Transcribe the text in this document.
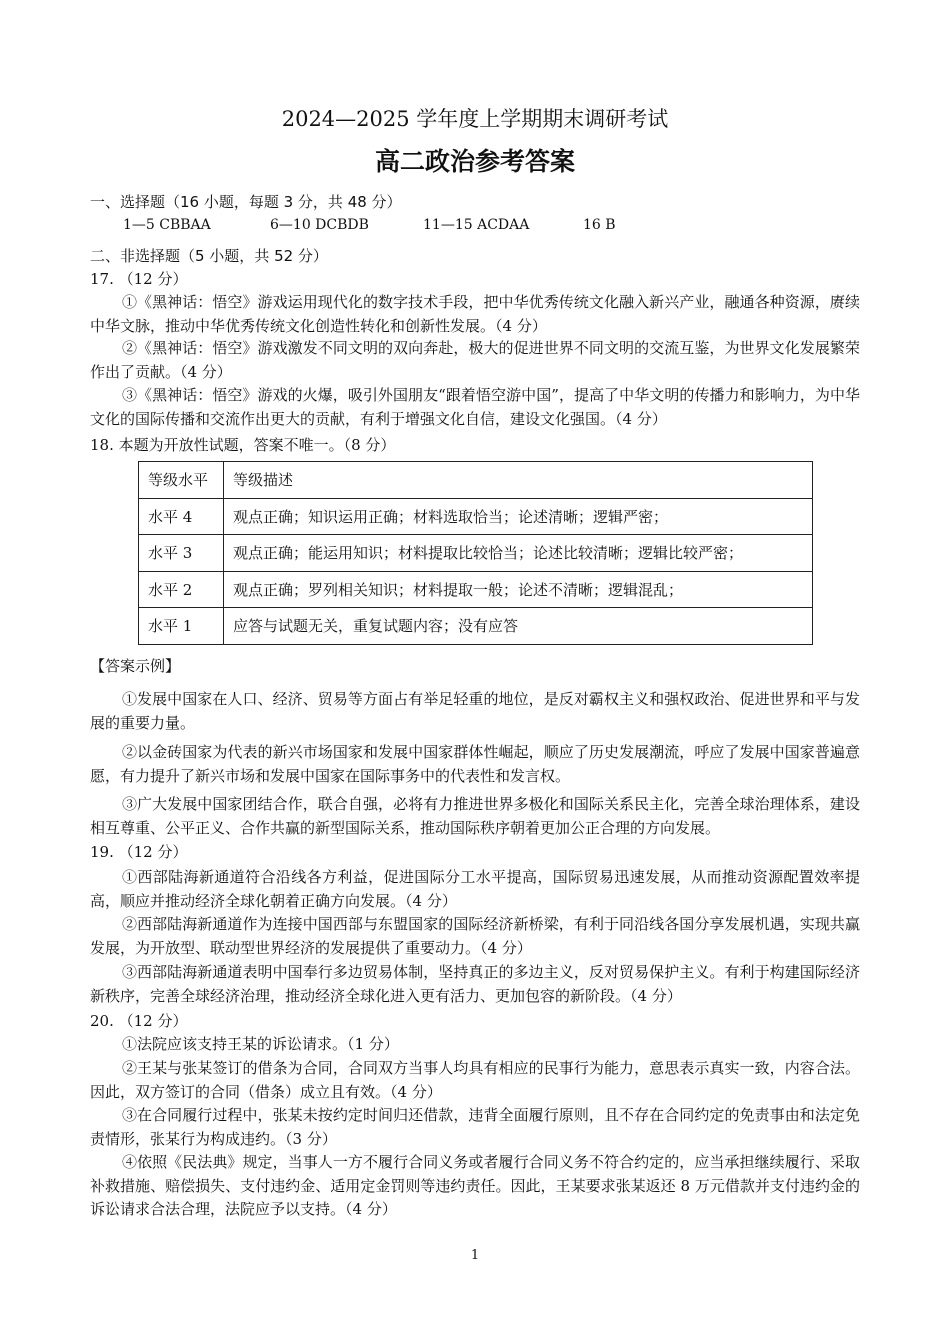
2024—2025 学年度上学期期末调研考试
高二政治参考答案
一、选择题（16 小题，每题 3 分，共 48 分）
1—5 CBBAA	6—10 DCBDB	11—15 ACDAA	16 B
二、非选择题（5 小题，共 52 分）
17. （12 分）
①《黑神话：悟空》游戏运用现代化的数字技术手段，把中华优秀传统文化融入新兴产业，融通各种资源，赓续中华文脉，推动中华优秀传统文化创造性转化和创新性发展。（4 分）
②《黑神话：悟空》游戏激发不同文明的双向奔赴，极大的促进世界不同文明的交流互鉴，为世界文化发展繁荣作出了贡献。（4 分）
③《黑神话：悟空》游戏的火爆，吸引外国朋友“跟着悟空游中国”，提高了中华文明的传播力和影响力，为中华文化的国际传播和交流作出更大的贡献，有利于增强文化自信，建设文化强国。（4 分）
18. 本题为开放性试题，答案不唯一。（8 分）
等级水平	等级描述
水平 4	观点正确；知识运用正确；材料选取恰当；论述清晰；逻辑严密；
水平 3	观点正确；能运用知识；材料提取比较恰当；论述比较清晰；逻辑比较严密；
水平 2	观点正确；罗列相关知识；材料提取一般；论述不清晰；逻辑混乱；
水平 1	应答与试题无关，重复试题内容；没有应答
【答案示例】
①发展中国家在人口、经济、贸易等方面占有举足轻重的地位，是反对霸权主义和强权政治、促进世界和平与发展的重要力量。
②以金砖国家为代表的新兴市场国家和发展中国家群体性崛起，顺应了历史发展潮流，呼应了发展中国家普遍意愿，有力提升了新兴市场和发展中国家在国际事务中的代表性和发言权。
③广大发展中国家团结合作，联合自强，必将有力推进世界多极化和国际关系民主化，完善全球治理体系，建设相互尊重、公平正义、合作共赢的新型国际关系，推动国际秩序朝着更加公正合理的方向发展。
19. （12 分）
①西部陆海新通道符合沿线各方利益，促进国际分工水平提高，国际贸易迅速发展，从而推动资源配置效率提高，顺应并推动经济全球化朝着正确方向发展。（4 分）
②西部陆海新通道作为连接中国西部与东盟国家的国际经济新桥梁，有利于同沿线各国分享发展机遇，实现共赢发展，为开放型、联动型世界经济的发展提供了重要动力。（4 分）
③西部陆海新通道表明中国奉行多边贸易体制，坚持真正的多边主义，反对贸易保护主义。有利于构建国际经济新秩序，完善全球经济治理，推动经济全球化进入更有活力、更加包容的新阶段。（4 分）
20. （12 分）
①法院应该支持王某的诉讼请求。（1 分）
②王某与张某签订的借条为合同，合同双方当事人均具有相应的民事行为能力，意思表示真实一致，内容合法。因此，双方签订的合同（借条）成立且有效。（4 分）
③在合同履行过程中，张某未按约定时间归还借款，违背全面履行原则，且不存在合同约定的免责事由和法定免责情形，张某行为构成违约。（3 分）
④依照《民法典》规定，当事人一方不履行合同义务或者履行合同义务不符合约定的，应当承担继续履行、采取补救措施、赔偿损失、支付违约金、适用定金罚则等违约责任。因此，王某要求张某返还 8 万元借款并支付违约金的诉讼请求合法合理，法院应予以支持。（4 分）
1
